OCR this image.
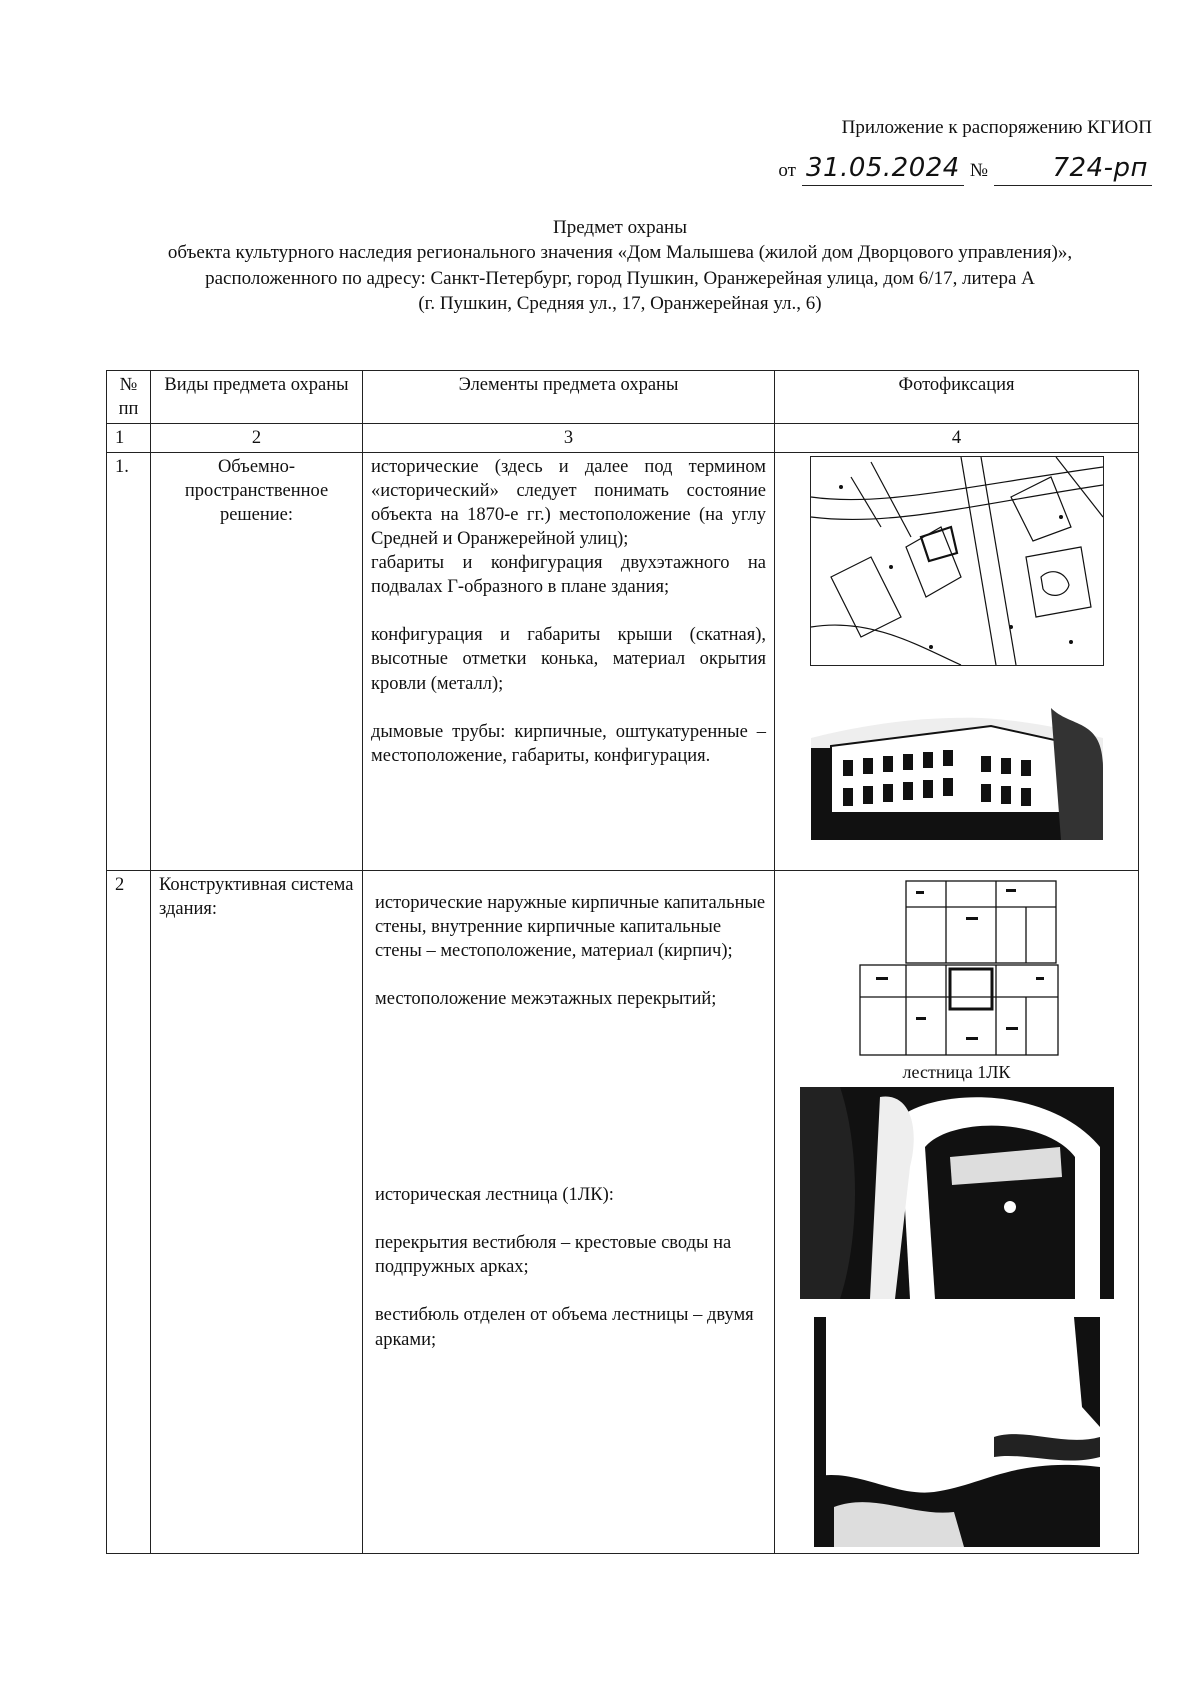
Приложение к распоряжению КГИОП
от 31.05.2024 №	724-рп
Предмет охраны
объекта культурного наследия регионального значения «Дом Малышева (жилой дом Дворцового управления)»,
расположенного по адресу: Санкт-Петербург, город Пушкин, Оранжерейная улица, дом 6/17, литера А
(г. Пушкин, Средняя ул., 17, Оранжерейная ул., 6)
№ пп	Виды предмета охраны	Элементы предмета охраны	Фотофиксация
1	2	3	4
1.	Объемно-пространственное решение:	исторические (здесь и далее под термином «исторический» следует понимать состояние объекта на 1870-е гг.) местоположение (на углу Средней и Оранжерейной улиц);
габариты и конфигурация двухэтажного на подвалах Г-образного в плане здания;
конфигурация и габариты крыши (скатная), высотные отметки конька, материал окрытия кровли (металл);
дымовые трубы: кирпичные, оштукатуренные – местоположение, габариты, конфигурация.

2	Конструктивная система здания:	исторические наружные кирпичные капитальные стены, внутренние кирпичные капитальные стены – местоположение, материал (кирпич);
местоположение межэтажных перекрытий;
историческая лестница (1ЛК):
перекрытия вестибюля – крестовые своды на подпружных арках;
вестибюль отделен от объема лестницы – двумя арками;	лестница 1ЛК
